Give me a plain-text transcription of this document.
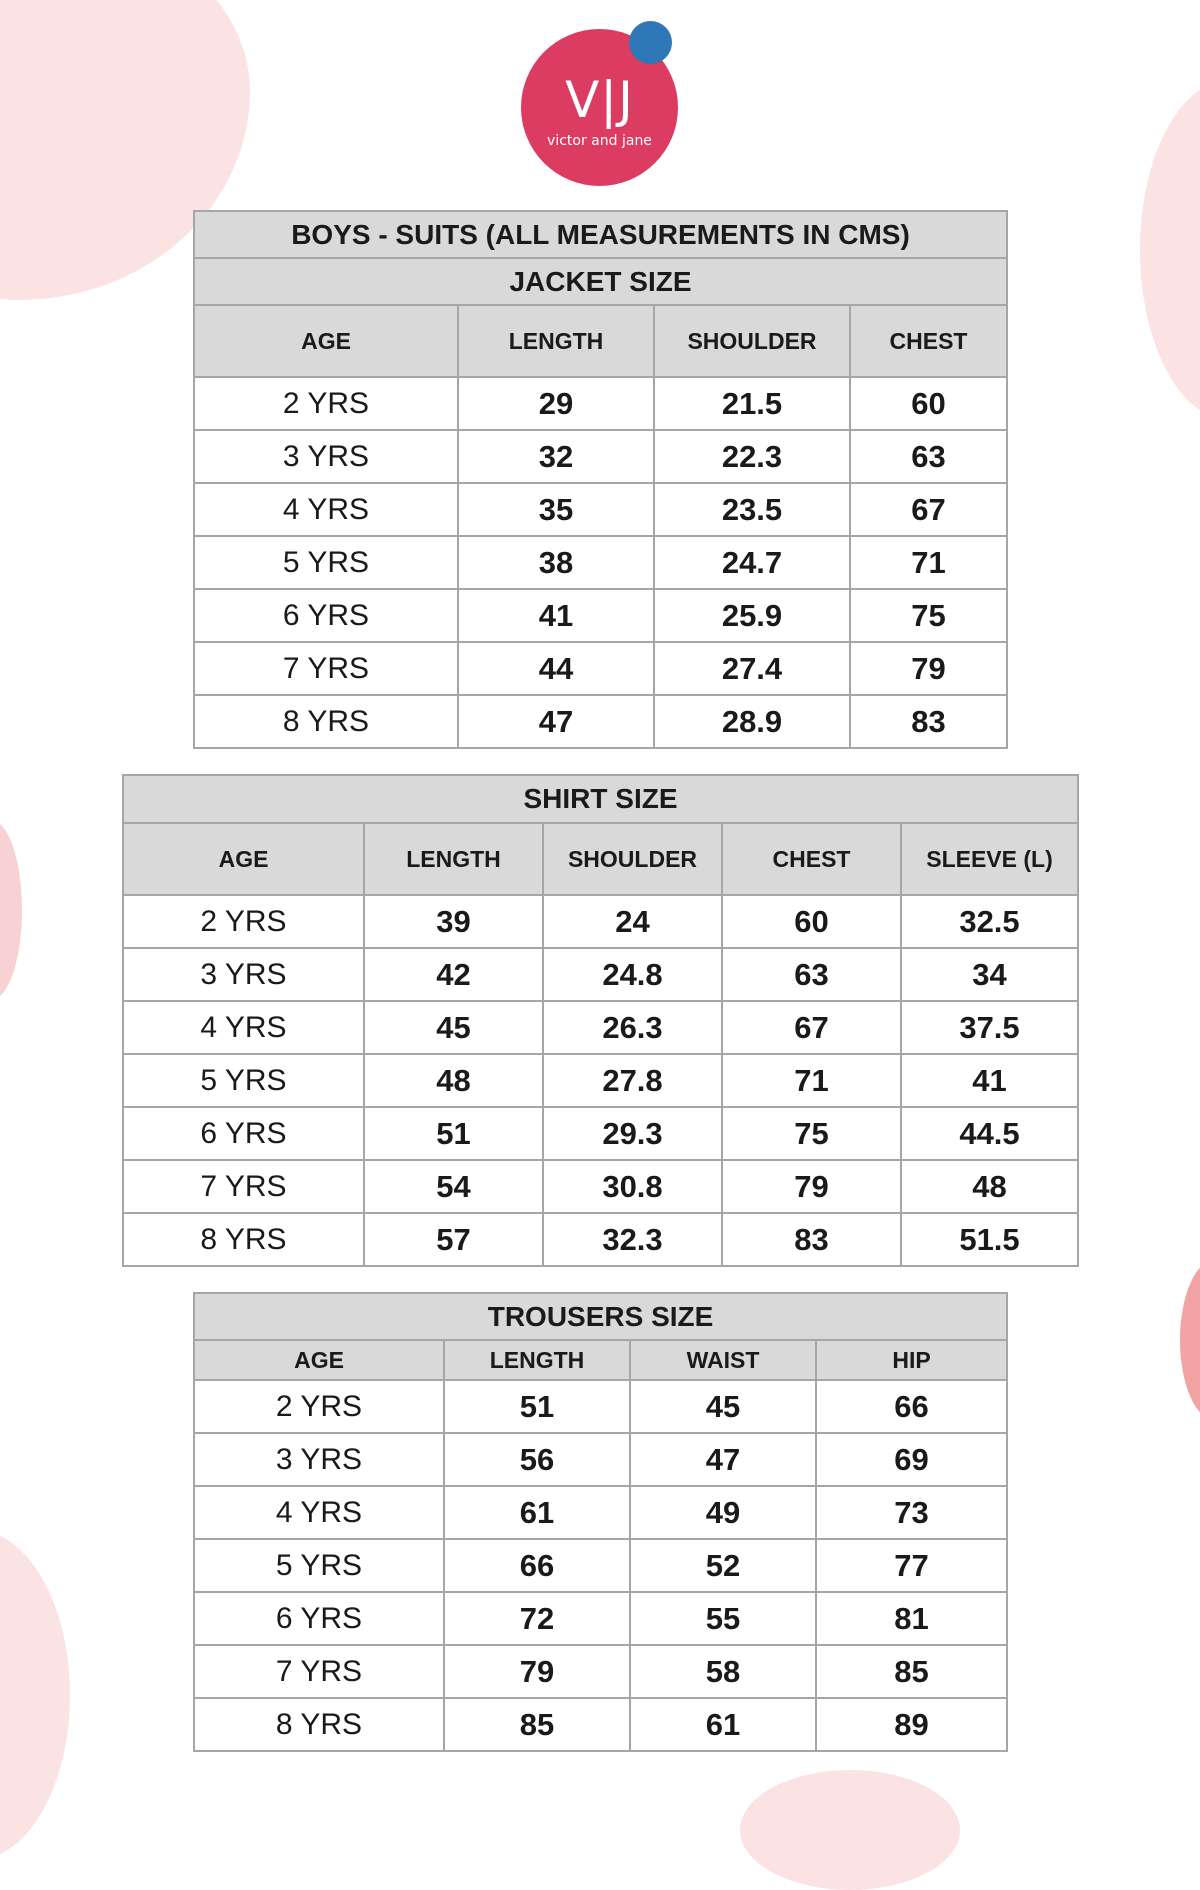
V|J
victor and jane
BOYS - SUITS (ALL MEASUREMENTS IN CMS)			
JACKET SIZE			
AGE	LENGTH	SHOULDER	CHEST
2 YRS	29	21.5	60
3 YRS	32	22.3	63
4 YRS	35	23.5	67
5 YRS	38	24.7	71
6 YRS	41	25.9	75
7 YRS	44	27.4	79
8 YRS	47	28.9	83
SHIRT SIZE				
AGE	LENGTH	SHOULDER	CHEST	SLEEVE (L)
2 YRS	39	24	60	32.5
3 YRS	42	24.8	63	34
4 YRS	45	26.3	67	37.5
5 YRS	48	27.8	71	41
6 YRS	51	29.3	75	44.5
7 YRS	54	30.8	79	48
8 YRS	57	32.3	83	51.5
TROUSERS SIZE			
AGE	LENGTH	WAIST	HIP
2 YRS	51	45	66
3 YRS	56	47	69
4 YRS	61	49	73
5 YRS	66	52	77
6 YRS	72	55	81
7 YRS	79	58	85
8 YRS	85	61	89
